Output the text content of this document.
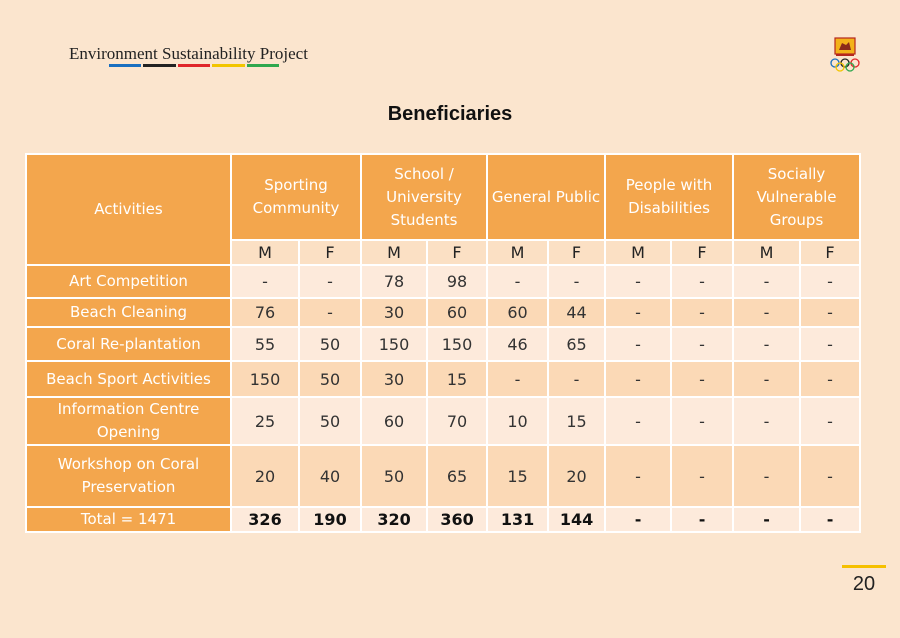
Environment Sustainability Project
Beneficiaries
Activities	Sporting Community		School / University Students		General Public		People with Disabilities		Socially Vulnerable Groups	
	M	F	M	F	M	F	M	F	M	F
Art Competition	-	-	78	98	-	-	-	-	-	-
Beach Cleaning	76	-	30	60	60	44	-	-	-	-
Coral Re-plantation	55	50	150	150	46	65	-	-	-	-
Beach Sport Activities	150	50	30	15	-	-	-	-	-	-
Information Centre Opening	25	50	60	70	10	15	-	-	-	-
Workshop on Coral Preservation	20	40	50	65	15	20	-	-	-	-
Total = 1471	326	190	320	360	131	144	-	-	-	-
20
